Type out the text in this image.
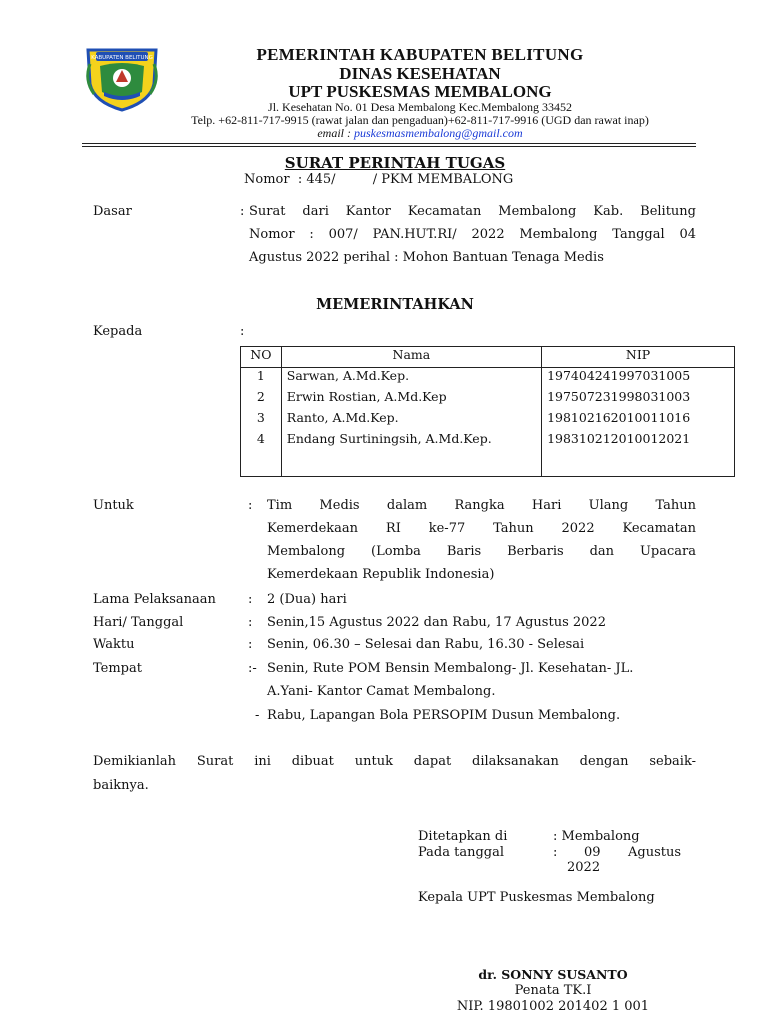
KABUPATEN BELITUNG	PEMERINTAH KABUPATEN BELITUNG
DINAS KESEHATAN
UPT PUSKESMAS MEMBALONG
Jl. Kesehatan No. 01 Desa Membalong Kec.Membalong 33452
Telp. +62-811-717-9915 (rawat jalan dan pengaduan)+62-811-717-9916 (UGD dan rawat inap)
email : puskesmasmembalong@gmail.com
SURAT PERINTAH TUGAS
Nomor  : 445/         / PKM MEMBALONG
Dasar	: Surat dari Kantor Kecamatan Membalong Kab. Belitung
Nomor : 007/ PAN.HUT.RI/ 2022 Membalong Tanggal 04
Agustus 2022 perihal : Mohon Bantuan Tenaga Medis
MEMERINTAHKAN
Kepada	:
NO	Nama	NIP
1	Sarwan, A.Md.Kep.	197404241997031005
2	Erwin Rostian, A.Md.Kep	197507231998031003
3	Ranto, A.Md.Kep.	198102162010011016
4	Endang Surtiningsih, A.Md.Kep.	198310212010012021

Untuk	: Tim Medis dalam Rangka Hari Ulang Tahun
Kemerdekaan RI ke-77 Tahun 2022 Kecamatan
Membalong (Lomba Baris Berbaris dan Upacara
Kemerdekaan Republik Indonesia)
Lama Pelaksanaan : 2 (Dua) hari
Hari/ Tanggal	: Senin,15 Agustus 2022 dan Rabu, 17 Agustus 2022
Waktu	: Senin, 06.30 – Selesai dan Rabu, 16.30 - Selesai
Tempat	:- Senin, Rute POM Bensin Membalong- Jl. Kesehatan- JL.
A.Yani- Kantor Camat Membalong.
- Rabu, Lapangan Bola PERSOPIM Dusun Membalong.
Demikianlah Surat ini dibuat untuk dapat dilaksanakan dengan sebaik-
baiknya.
Ditetapkan di	: Membalong
Pada tanggal	: 09 Agustus
2022
Kepala UPT Puskesmas Membalong
dr. SONNY SUSANTO
Penata TK.I
NIP. 19801002 201402 1 001
